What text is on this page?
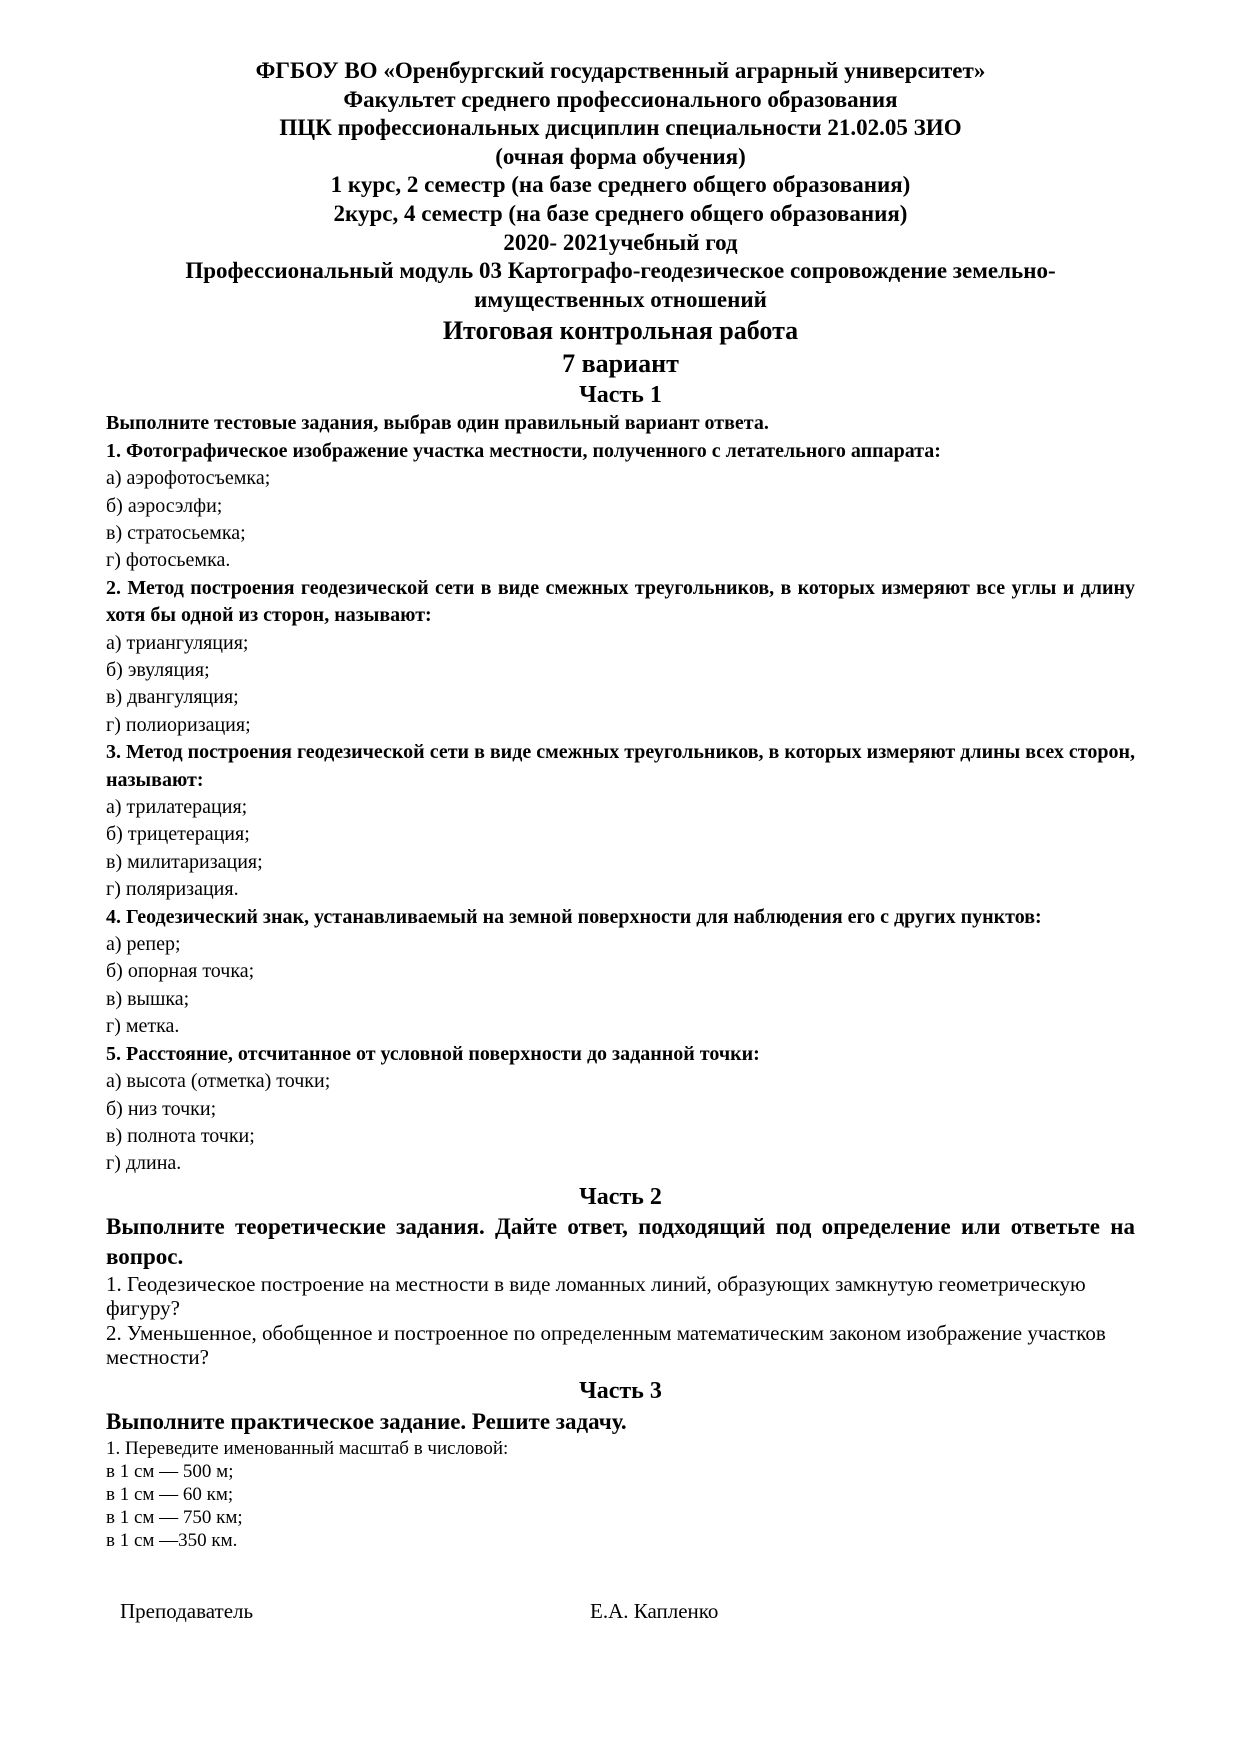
ФГБОУ ВО «Оренбургский государственный аграрный университет»
Факультет среднего профессионального образования
ПЦК профессиональных дисциплин специальности 21.02.05 ЗИО
(очная форма обучения)
1 курс, 2 семестр (на базе среднего общего образования)
2курс, 4 семестр (на базе среднего общего образования)
2020- 2021учебный год
Профессиональный модуль 03 Картографо-геодезическое сопровождение земельно-
имущественных отношений
Итоговая контрольная работа
7 вариант
Часть 1

Выполните тестовые задания, выбрав один правильный вариант ответа.

1. Фотографическое изображение участка местности, полученного с летательного аппарата:

а) аэрофотосъемка;

б) аэросэлфи;

в) стратосьемка;

г) фотосьемка.

2. Метод построения геодезической сети в виде смежных треугольников, в которых измеряют все углы и длину хотя бы одной из сторон, называют:

а) триангуляция;

б) эвуляция;

в) двангуляция;

г) полиоризация;

3. Метод построения геодезической сети в виде смежных треугольников, в которых измеряют длины всех сторон, называют:

а) трилатерация;

б) трицетерация;

в) милитаризация;

г) поляризация.

4. Геодезический знак, устанавливаемый на земной поверхности для наблюдения его с других пунктов:

а) репер;

б) опорная точка;

в) вышка;

г) метка.

5. Расстояние, отсчитанное от условной поверхности до заданной точки:

а) высота (отметка) точки;

б) низ точки;

в) полнота точки;

г) длина.

Часть 2

Выполните теоретические задания. Дайте ответ, подходящий под определение или ответьте на вопрос.

1. Геодезическое построение на местности в виде ломанных линий, образующих замкнутую геометрическую фигуру?

2. Уменьшенное, обобщенное и построенное по определенным математическим законом изображение участков местности?

Часть 3

Выполните практическое задание. Решите задачу.

1. Переведите именованный масштаб в числовой:

в 1 см — 500 м;

в 1 см — 60 км;

в 1 см — 750 км;

в 1 см —350 км.

Преподаватель	Е.А. Капленко
